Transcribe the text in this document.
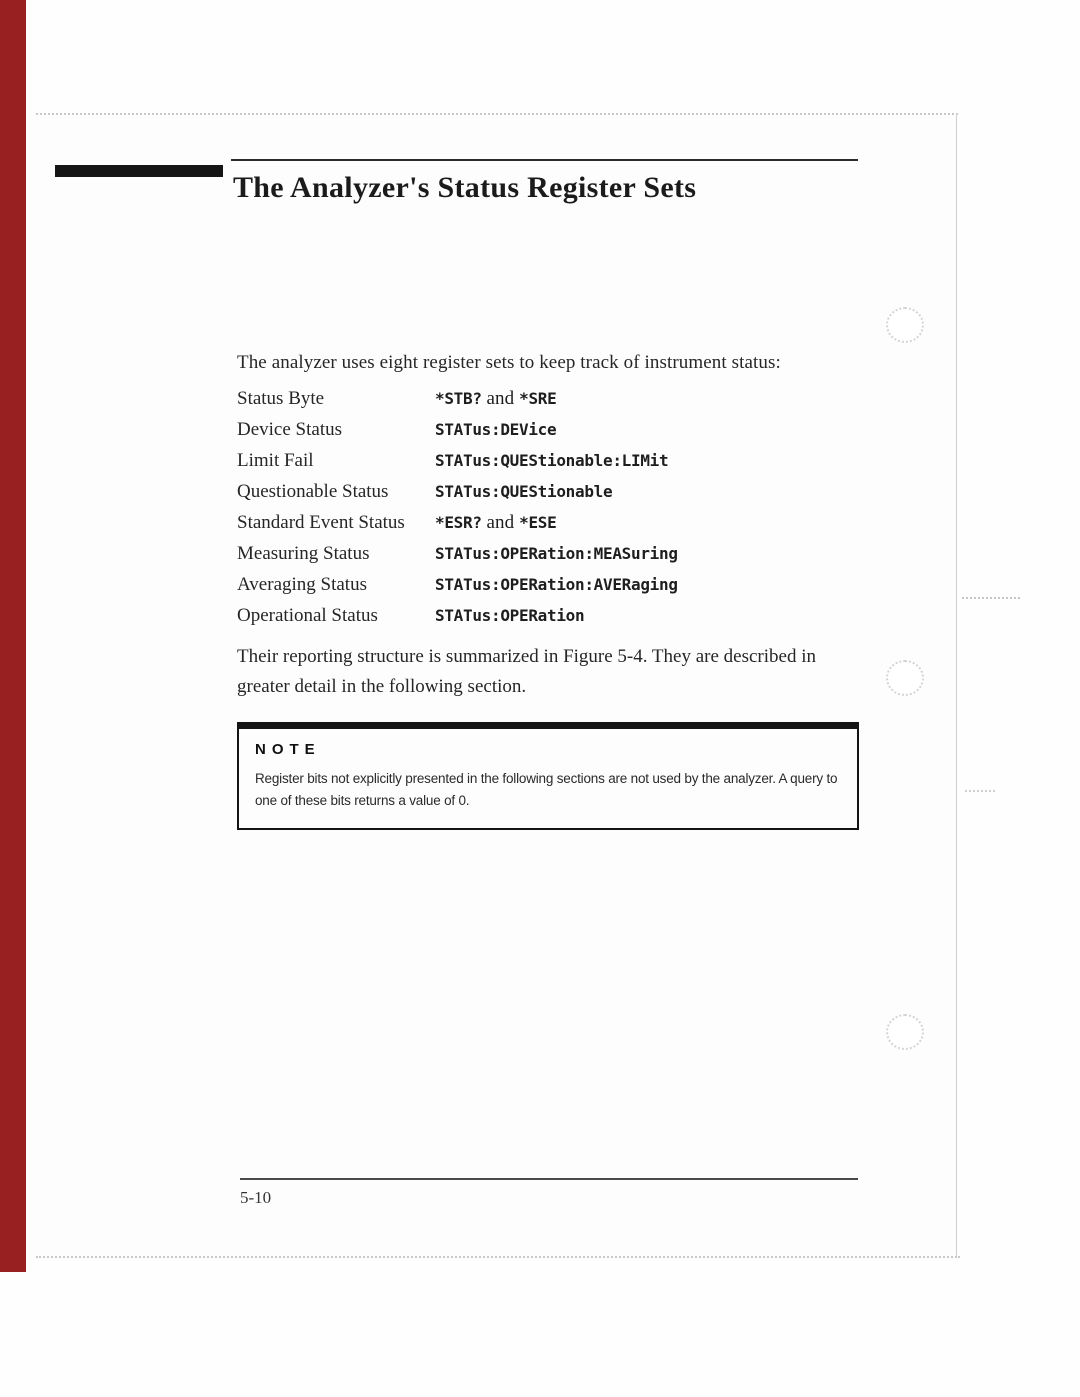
The Analyzer's Status Register Sets

The analyzer uses eight register sets to keep track of instrument status:

Status Byte	*STB? and *SRE
Device Status	STATus:DEVice
Limit Fail	STATus:QUEStionable:LIMit
Questionable Status	STATus:QUEStionable
Standard Event Status	*ESR? and *ESE
Measuring Status	STATus:OPERation:MEASuring
Averaging Status	STATus:OPERation:AVERaging
Operational Status	STATus:OPERation

Their reporting structure is summarized in Figure 5-4. They are described in greater detail in the following section.

NOTE

Register bits not explicitly presented in the following sections are not used by the analyzer. A query to one of these bits returns a value of 0.

5-10
